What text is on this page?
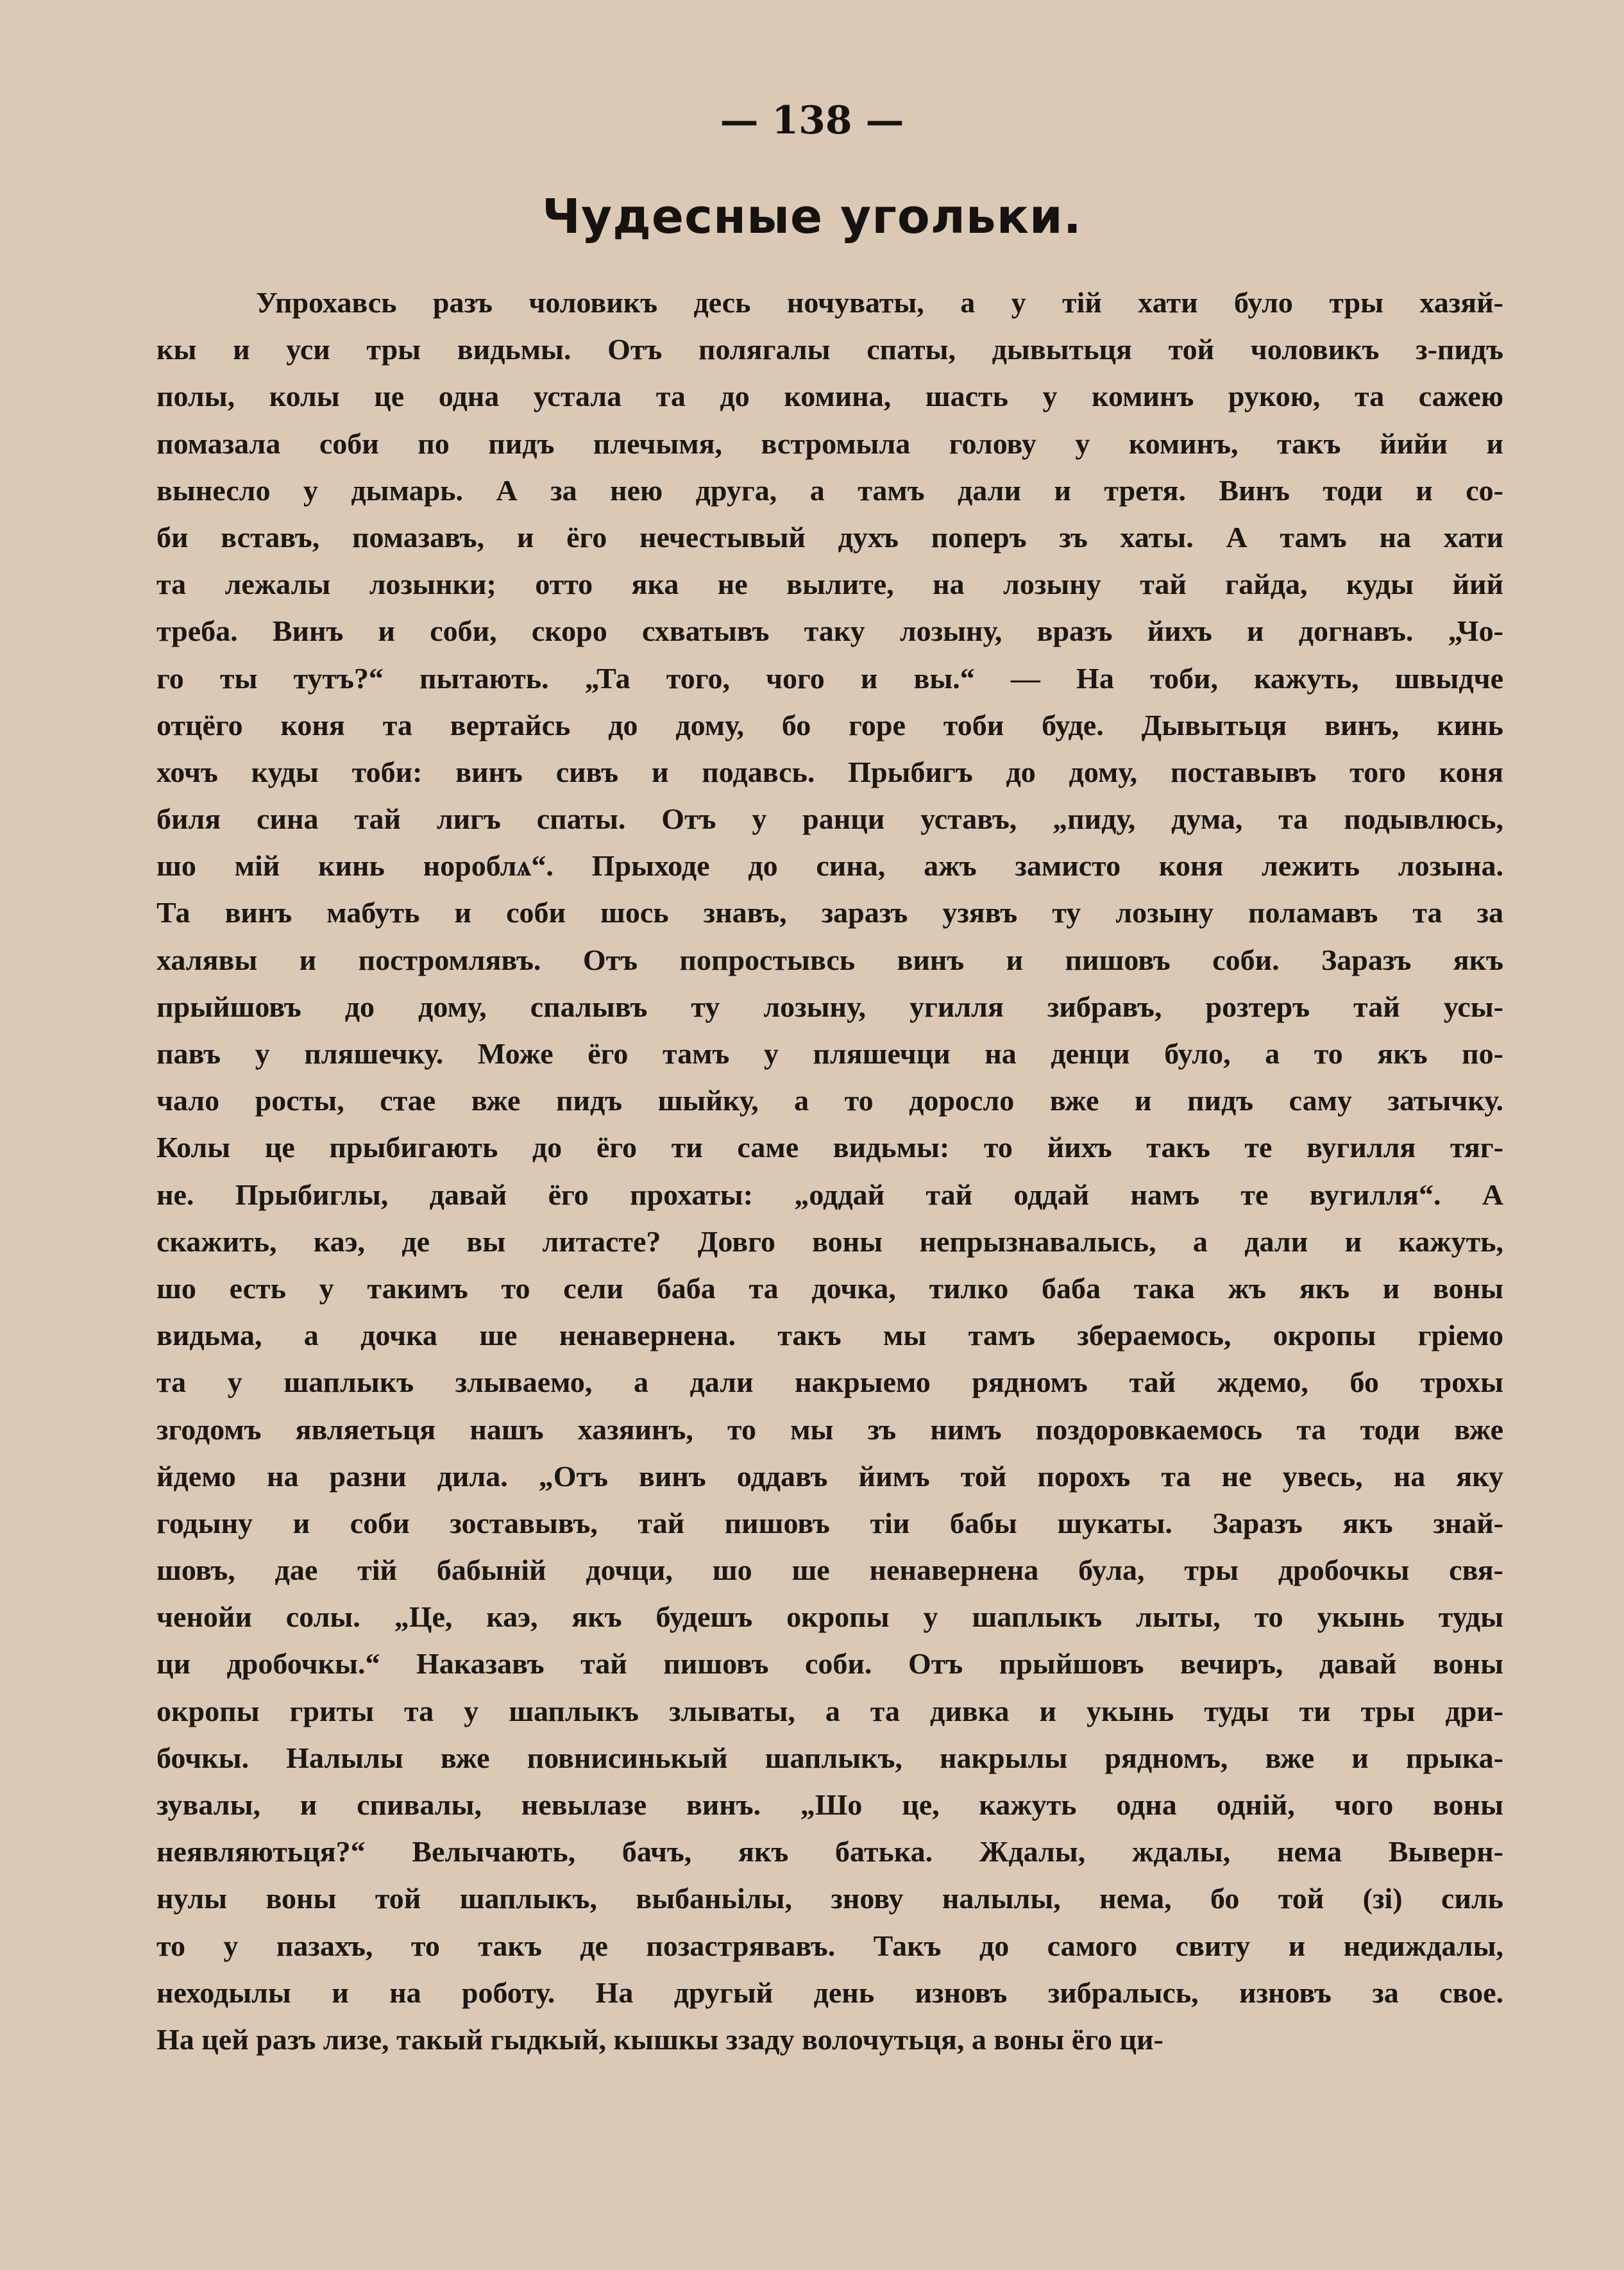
— 138 —
Чудесные угольки.
Упрохавсь разъ чоловикъ десь ночуваты, а у тій хати було тры хазяй-
кы и уси тры видьмы. Отъ полягалы спаты, дывытьця той чоловикъ з-пидъ
полы, колы це одна устала та до комина, шасть у коминъ рукою, та сажею
помазала соби по пидъ плечымя, встромыла голову у коминъ, такъ йийи и
вынесло у дымарь. А за нею друга, а тамъ дали и третя. Винъ тоди и со-
би вставъ, помазавъ, и ёго нечестывый духъ поперъ зъ хаты. А тамъ на хати
та лежалы лозынки; отто яка не вылите, на лозыну тай гайда, куды йий
треба. Винъ и соби, скоро схватывъ таку лозыну, вразъ йихъ и догнавъ. „Чо-
го ты тутъ?“ пытають. „Та того, чого и вы.“ — На тоби, кажуть, швыдче
отцёго коня та вертайсь до дому, бо горе тоби буде. Дывытьця винъ, кинь
хочъ куды тоби: винъ сивъ и подавсь. Прыбигъ до дому, поставывъ того коня
биля сина тай лигъ спаты. Отъ у ранци уставъ, „пиду, дума, та подывлюсь,
шо мій кинь нороблѧ“. Прыходе до сина, ажъ замисто коня лежить лозына.
Та винъ мабуть и соби шось знавъ, заразъ узявъ ту лозыну поламавъ та за
халявы и постромлявъ. Отъ попростывсь винъ и пишовъ соби. Заразъ якъ
прыйшовъ до дому, спалывъ ту лозыну, угилля зибравъ, розтеръ тай усы-
павъ у пляшечку. Може ёго тамъ у пляшечци на денци було, а то якъ по-
чало росты, стае вже пидъ шыйку, а то доросло вже и пидъ саму затычку.
Колы це прыбигають до ёго ти саме видьмы: то йихъ такъ те вугилля тяг-
не. Прыбиглы, давай ёго прохаты: „оддай тай оддай намъ те вугилля“. А
скажить, каэ, де вы литасте? Довго воны непрызнавалысь, а дали и кажуть,
шо есть у такимъ то сели баба та дочка, тилко баба така жъ якъ и воны
видьма, а дочка ше ненавернена. такъ мы тамъ збераемось, окропы гріемо
та у шаплыкъ злываемо, а дали накрыемо рядномъ тай ждемо, бо трохы
згодомъ являетьця нашъ хазяинъ, то мы зъ нимъ поздоровкаемось та тоди вже
йдемо на разни дила. „Отъ винъ оддавъ йимъ той порохъ та не увесь, на яку
годыну и соби зоставывъ, тай пишовъ тіи бабы шукаты. Заразъ якъ знай-
шовъ, дае тій бабыній дочци, шо ше ненавернена була, тры дробочкы свя-
ченойи солы. „Це, каэ, якъ будешъ окропы у шаплыкъ лыты, то укынь туды
ци дробочкы.“ Наказавъ тай пишовъ соби. Отъ прыйшовъ вечиръ, давай воны
окропы гриты та у шаплыкъ злываты, а та дивка и укынь туды ти тры дри-
бочкы. Налылы вже повнисинькый шаплыкъ, накрылы рядномъ, вже и прыка-
зувалы, и спивалы, невылазе винъ. „Шо це, кажуть одна одній, чого воны
неявляютьця?“ Велычають, бачъ, якъ батька. Ждалы, ждалы, нема Выверн-
нулы воны той шаплыкъ, выбаньілы, знову налылы, нема, бо той (зі) силь
то у пазахъ, то такъ де позастрявавъ. Такъ до самого свиту и недиждалы,
неходылы и на роботу. На другый день изновъ зибралысь, изновъ за свое.
На цей разъ лизе, такый гыдкый, кышкы ззаду волочутьця, а воны ёго ци-
